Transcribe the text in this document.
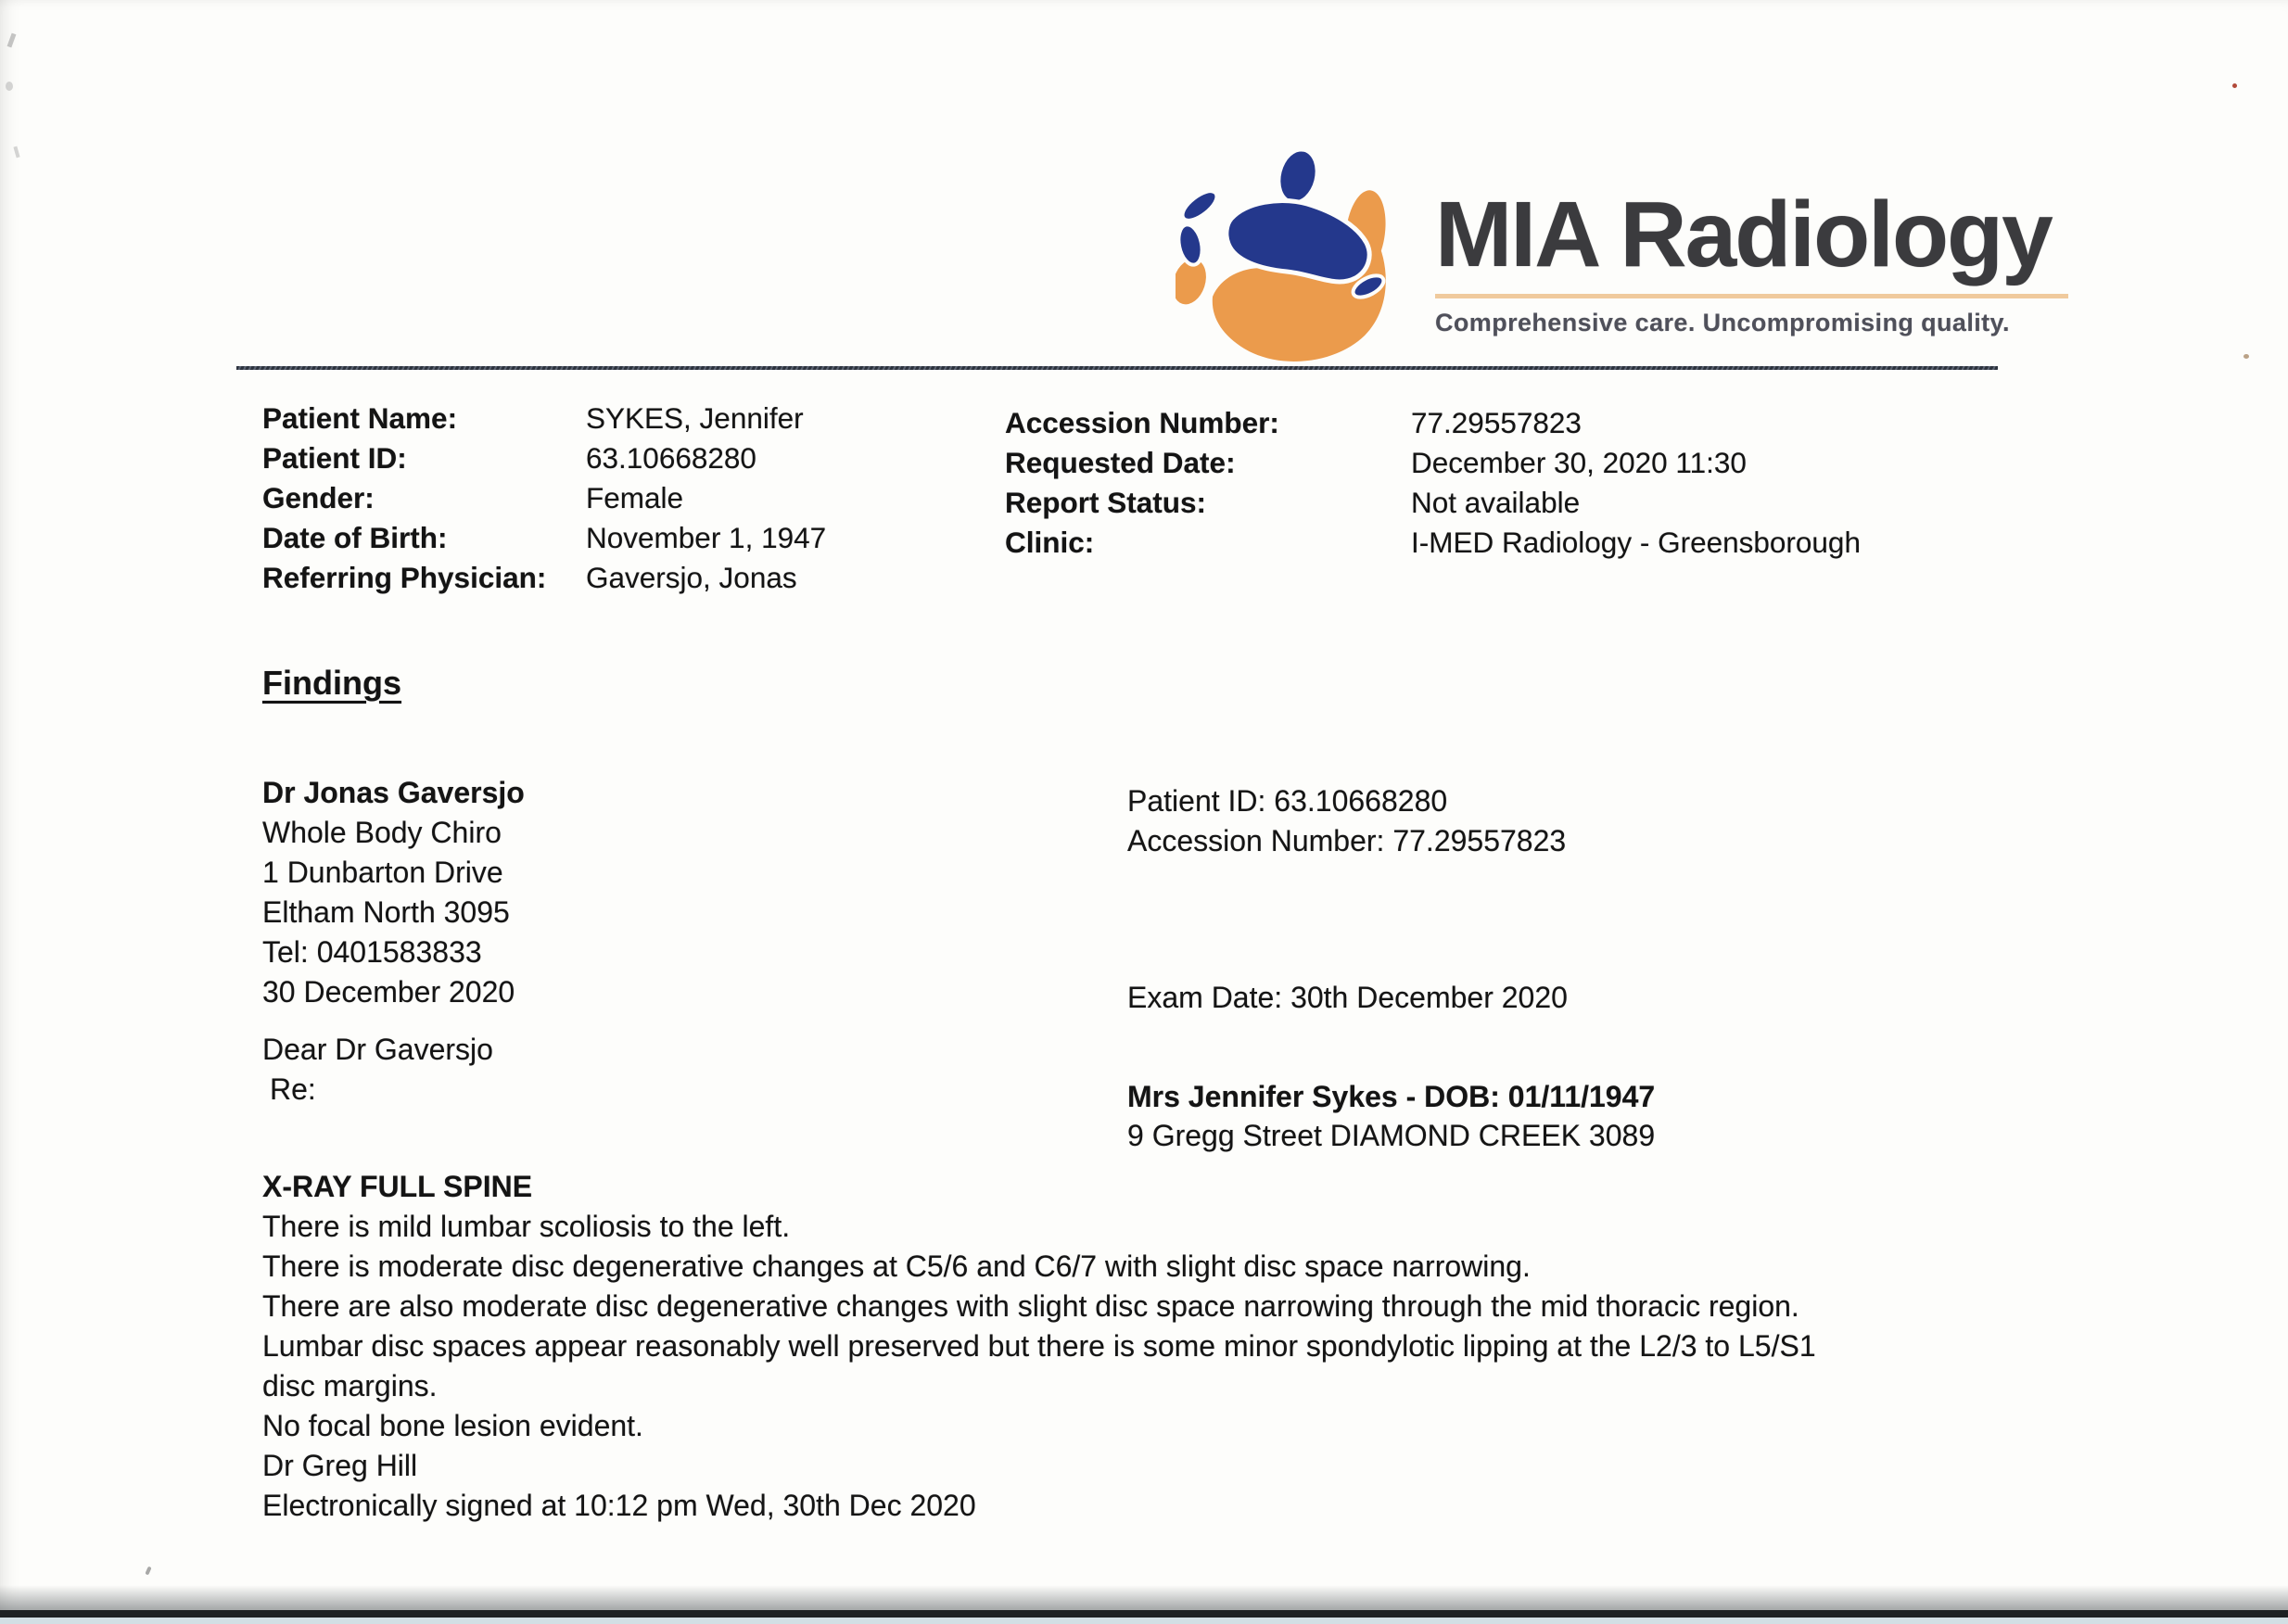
MIA Radiology
Comprehensive care. Uncompromising quality.
Patient Name:	SYKES, Jennifer
Patient ID:	63.10668280
Gender:	Female
Date of Birth:	November 1, 1947
Referring Physician: Gaversjo, Jonas
Accession Number:	77.29557823
Requested Date:	December 30, 2020 11:30
Report Status:	Not available
Clinic:	I-MED Radiology - Greensborough
Findings
Dr Jonas Gaversjo
Whole Body Chiro
1 Dunbarton Drive
Eltham North 3095
Tel: 0401583833
30 December 2020
Dear Dr Gaversjo
Re:
Patient ID: 63.10668280
Accession Number: 77.29557823
Exam Date: 30th December 2020
Mrs Jennifer Sykes - DOB: 01/11/1947
9 Gregg Street DIAMOND CREEK 3089
X-RAY FULL SPINE
There is mild lumbar scoliosis to the left.
There is moderate disc degenerative changes at C5/6 and C6/7 with slight disc space narrowing.
There are also moderate disc degenerative changes with slight disc space narrowing through the mid thoracic region.
Lumbar disc spaces appear reasonably well preserved but there is some minor spondylotic lipping at the L2/3 to L5/S1
disc margins.
No focal bone lesion evident.
Dr Greg Hill
Electronically signed at 10:12 pm Wed, 30th Dec 2020
